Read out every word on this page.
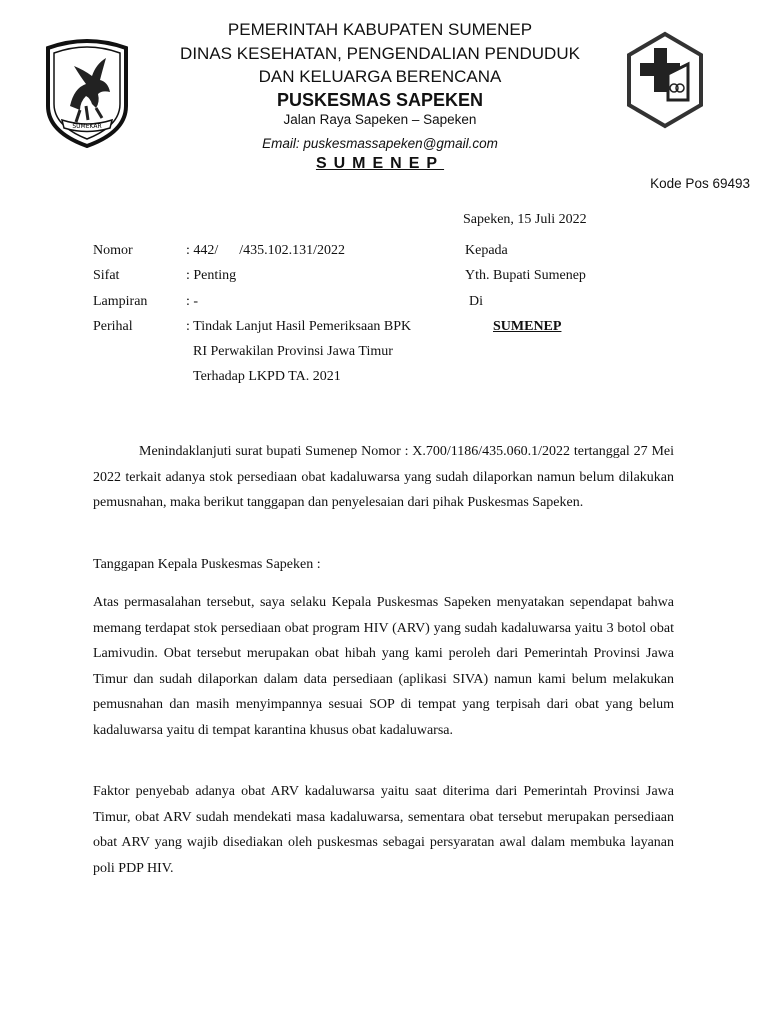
SUMEKAR
PEMERINTAH KABUPATEN SUMENEP
DINAS KESEHATAN, PENGENDALIAN PENDUDUK
DAN KELUARGA BERENCANA
PUSKESMAS SAPEKEN
Jalan Raya Sapeken – Sapeken
Email: puskesmassapeken@gmail.com
SUMENEP
Kode Pos 69493
Sapeken, 15 Juli 2022
Nomor	: 442/      /435.102.131/2022
Sifat	: Penting
Lampiran	: -
Perihal	: Tindak Lanjut Hasil Pemeriksaan BPK
RI Perwakilan Provinsi Jawa Timur
Terhadap LKPD TA. 2021
Kepada
Yth. Bupati Sumenep
Di
SUMENEP

Menindaklanjuti surat bupati Sumenep Nomor : X.700/1186/435.060.1/2022 tertanggal 27 Mei 2022 terkait adanya stok persediaan obat kadaluwarsa yang sudah dilaporkan namun belum dilakukan pemusnahan, maka berikut tanggapan dan penyelesaian dari pihak Puskesmas Sapeken.

Tanggapan Kepala Puskesmas Sapeken :

Atas permasalahan tersebut, saya selaku Kepala Puskesmas Sapeken menyatakan sependapat bahwa memang terdapat stok persediaan obat program HIV (ARV) yang sudah kadaluwarsa yaitu 3 botol obat Lamivudin. Obat tersebut merupakan obat hibah yang kami peroleh dari Pemerintah Provinsi Jawa Timur dan sudah dilaporkan dalam data persediaan (aplikasi SIVA) namun kami belum melakukan pemusnahan dan masih menyimpannya sesuai SOP di tempat yang terpisah dari obat yang belum kadaluwarsa yaitu di tempat karantina khusus obat kadaluwarsa.

Faktor penyebab adanya obat ARV kadaluwarsa yaitu saat diterima dari Pemerintah Provinsi Jawa Timur, obat ARV sudah mendekati masa kadaluwarsa, sementara obat tersebut merupakan persediaan obat ARV yang wajib disediakan oleh puskesmas sebagai persyaratan awal dalam membuka layanan poli PDP HIV.
